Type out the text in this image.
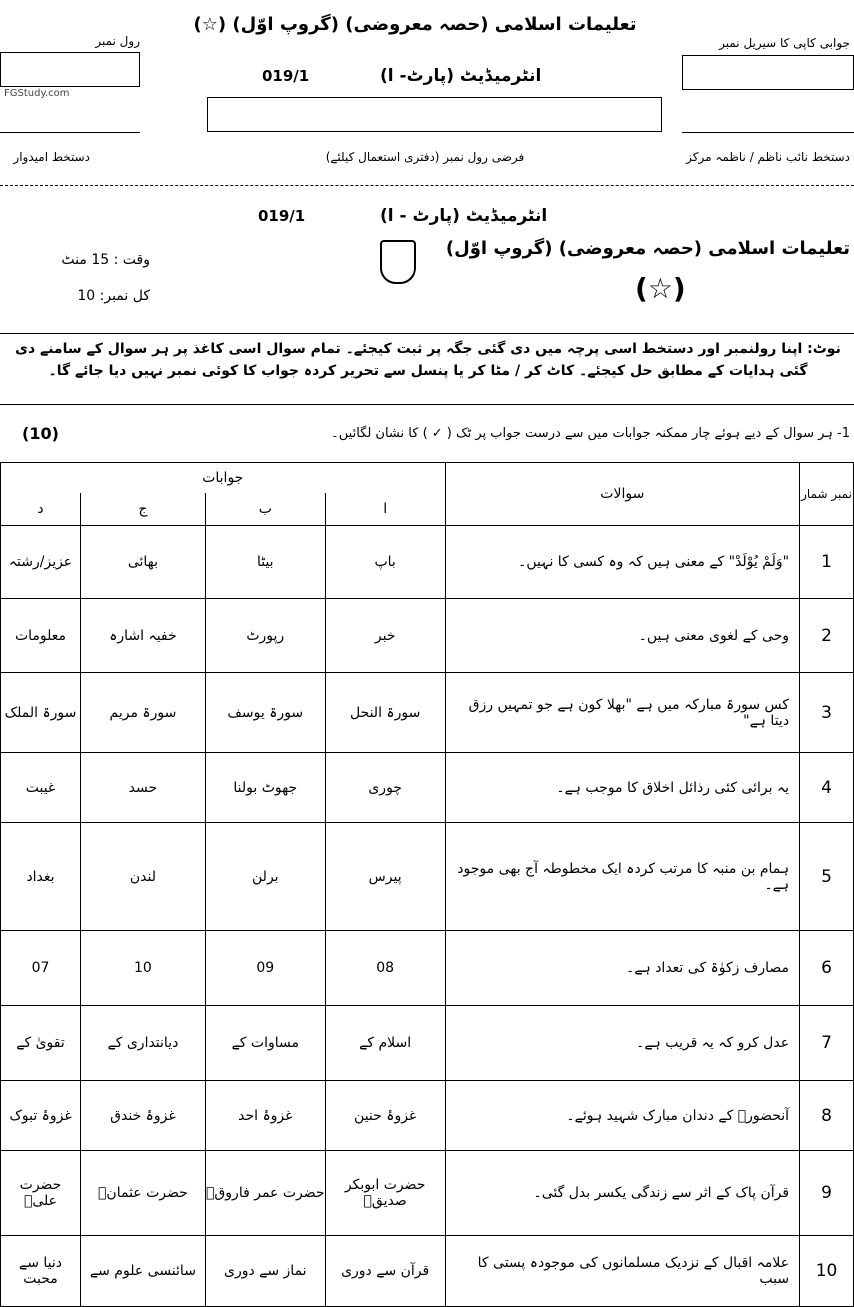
تعلیمات اسلامی (حصہ معروضی) (گروپ اوّل) (☆)
رول نمبر
FGStudy.com
جوابی کاپی کا سیریل نمبر
انٹرمیڈیٹ (پارٹ- ا)
019/1
دستخط امیدوار	فرضی رول نمبر (دفتری استعمال کیلئے)	دستخط نائب ناظم / ناظمہ مرکز
انٹرمیڈیٹ (پارٹ - ا)
019/1
تعلیمات اسلامی (حصہ معروضی) (گروپ اوّل)
(☆)
وقت : 15 منٹ
کل نمبر: 10
نوٹ: اپنا رولنمبر اور دستخط اسی پرچہ میں دی گئی جگہ پر ثبت کیجئے۔ تمام سوال اسی کاغذ پر ہر سوال کے سامنے دی گئی ہدایات کے مطابق حل کیجئے۔ کاٹ کر / مٹا کر یا پنسل سے تحریر کردہ جواب کا کوئی نمبر نہیں دیا جائے گا۔
(10)	1- ہر سوال کے دیے ہوئے چار ممکنہ جوابات میں سے درست جواب پر ٹک ( ✓ ) کا نشان لگائیں۔
نمبر شمار	سوالات	جوابات			
		ا	ب	ج	د
1	"وَلَمْ یُوْلَدْ" کے معنی ہیں کہ وہ کسی کا نہیں۔	باپ	بیٹا	بھائی	عزیز/رشتہ
2	وحی کے لغوی معنی ہیں۔	خبر	رپورٹ	خفیہ اشارہ	معلومات
3	کس سورۃ مبارکہ میں ہے "بھلا کون ہے جو تمہیں رزق دیتا ہے"	سورۃ النحل	سورۃ یوسف	سورۃ مریم	سورۃ الملک
4	یہ برائی کئی رذائل اخلاق کا موجب ہے۔	چوری	جھوٹ بولنا	حسد	غیبت
5	ہمام بن منبہ کا مرتب کردہ ایک مخطوطہ آج بھی موجود ہے۔	پیرس	برلن	لندن	بغداد
6	مصارف زکوٰۃ کی تعداد ہے۔	08	09	10	07
7	عدل کرو کہ یہ قریب ہے۔	اسلام کے	مساوات کے	دیانتداری کے	تقویٰ کے
8	آنحضورؐ کے دندان مبارک شہید ہوئے۔	غزوۂ حنین	غزوۂ احد	غزوۂ خندق	غزوۂ تبوک
9	قرآن پاک کے اثر سے زندگی یکسر بدل گئی۔	حضرت ابوبکر صدیقؓ	حضرت عمر فاروقؓ	حضرت عثمانؓ	حضرت علیؓ
10	علامہ اقبال کے نزدیک مسلمانوں کی موجودہ پستی کا سبب	قرآن سے دوری	نماز سے دوری	سائنسی علوم سے	دنیا سے محبت
